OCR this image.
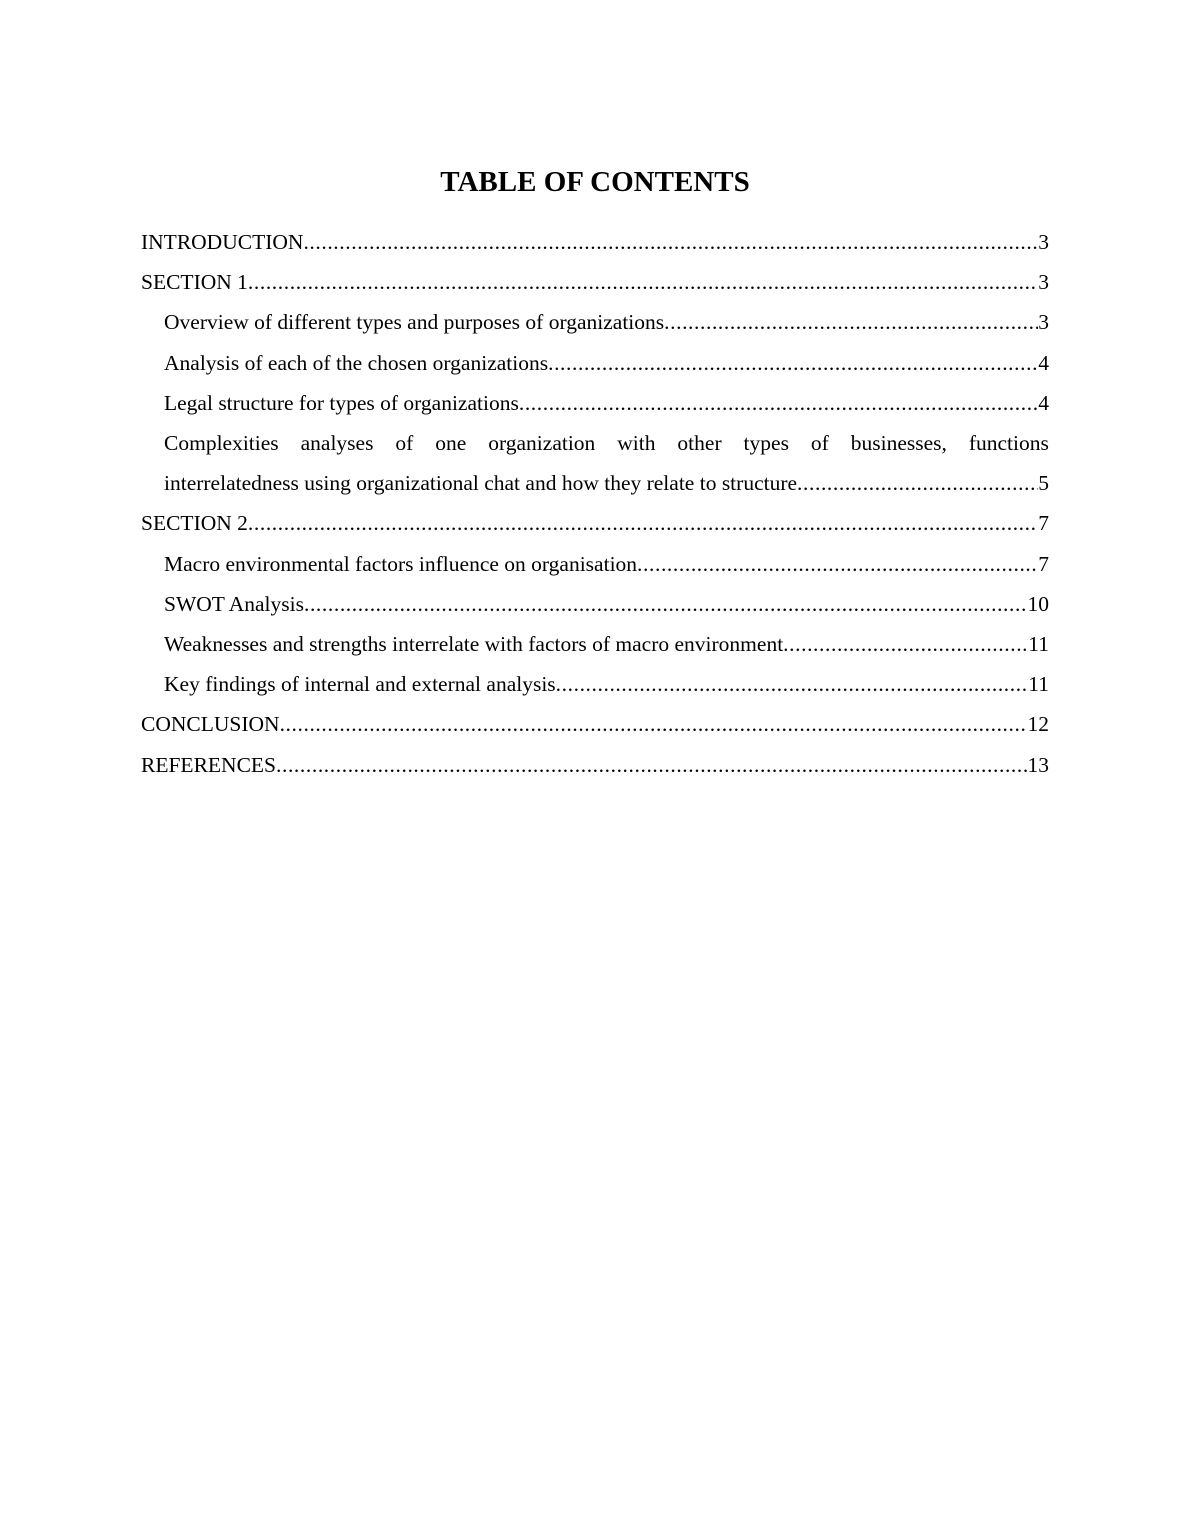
TABLE OF CONTENTS
INTRODUCTION .....	3
SECTION 1 .....	3
Overview of different types and purposes of organizations .....	3
Analysis of each of the chosen organizations .....	4
Legal structure for types of organizations .....	4
Complexities analyses of one organization with other types of businesses, functions
interrelatedness using organizational chat and how they relate to structure .....	5
SECTION 2 .....	7
Macro environmental factors influence on organisation .....	7
SWOT Analysis .....	10
Weaknesses and strengths interrelate with factors of macro environment .....	11
Key findings of internal and external analysis .....	11
CONCLUSION .....	12
REFERENCES .....	13
